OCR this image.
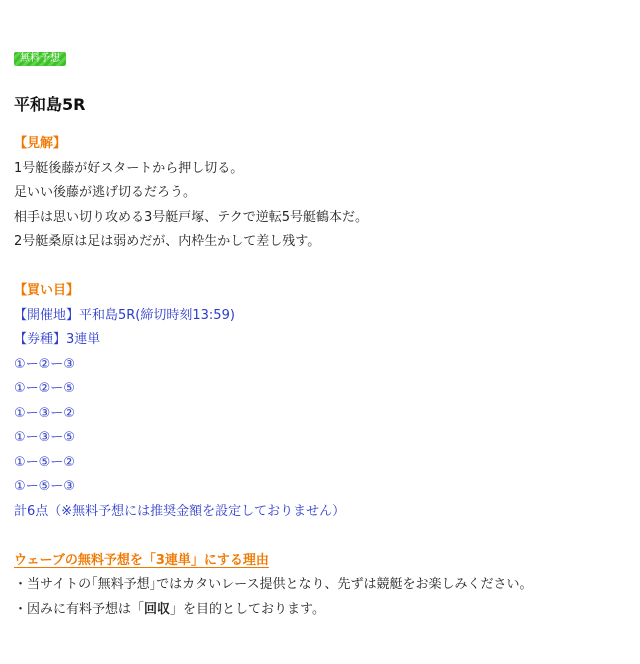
無料予想
平和島5R
【見解】
1号艇後藤が好スタートから押し切る。
足いい後藤が逃げ切るだろう。
相手は思い切り攻める3号艇戸塚、テクで逆転5号艇鶴本だ。
2号艇桑原は足は弱めだが、内枠生かして差し残す。
【買い目】
【開催地】平和島5R(締切時刻13:59)
【券種】3連単
①ー②ー③
①ー②ー⑤
①ー③ー②
①ー③ー⑤
①ー⑤ー②
①ー⑤ー③
計6点（※無料予想には推奨金額を設定しておりません）
ウェーブの無料予想を「3連単」にする理由
・当サイトの｢無料予想｣ではカタいレース提供となり、先ずは競艇をお楽しみください。
・因みに有料予想は「回収」を目的としております。
